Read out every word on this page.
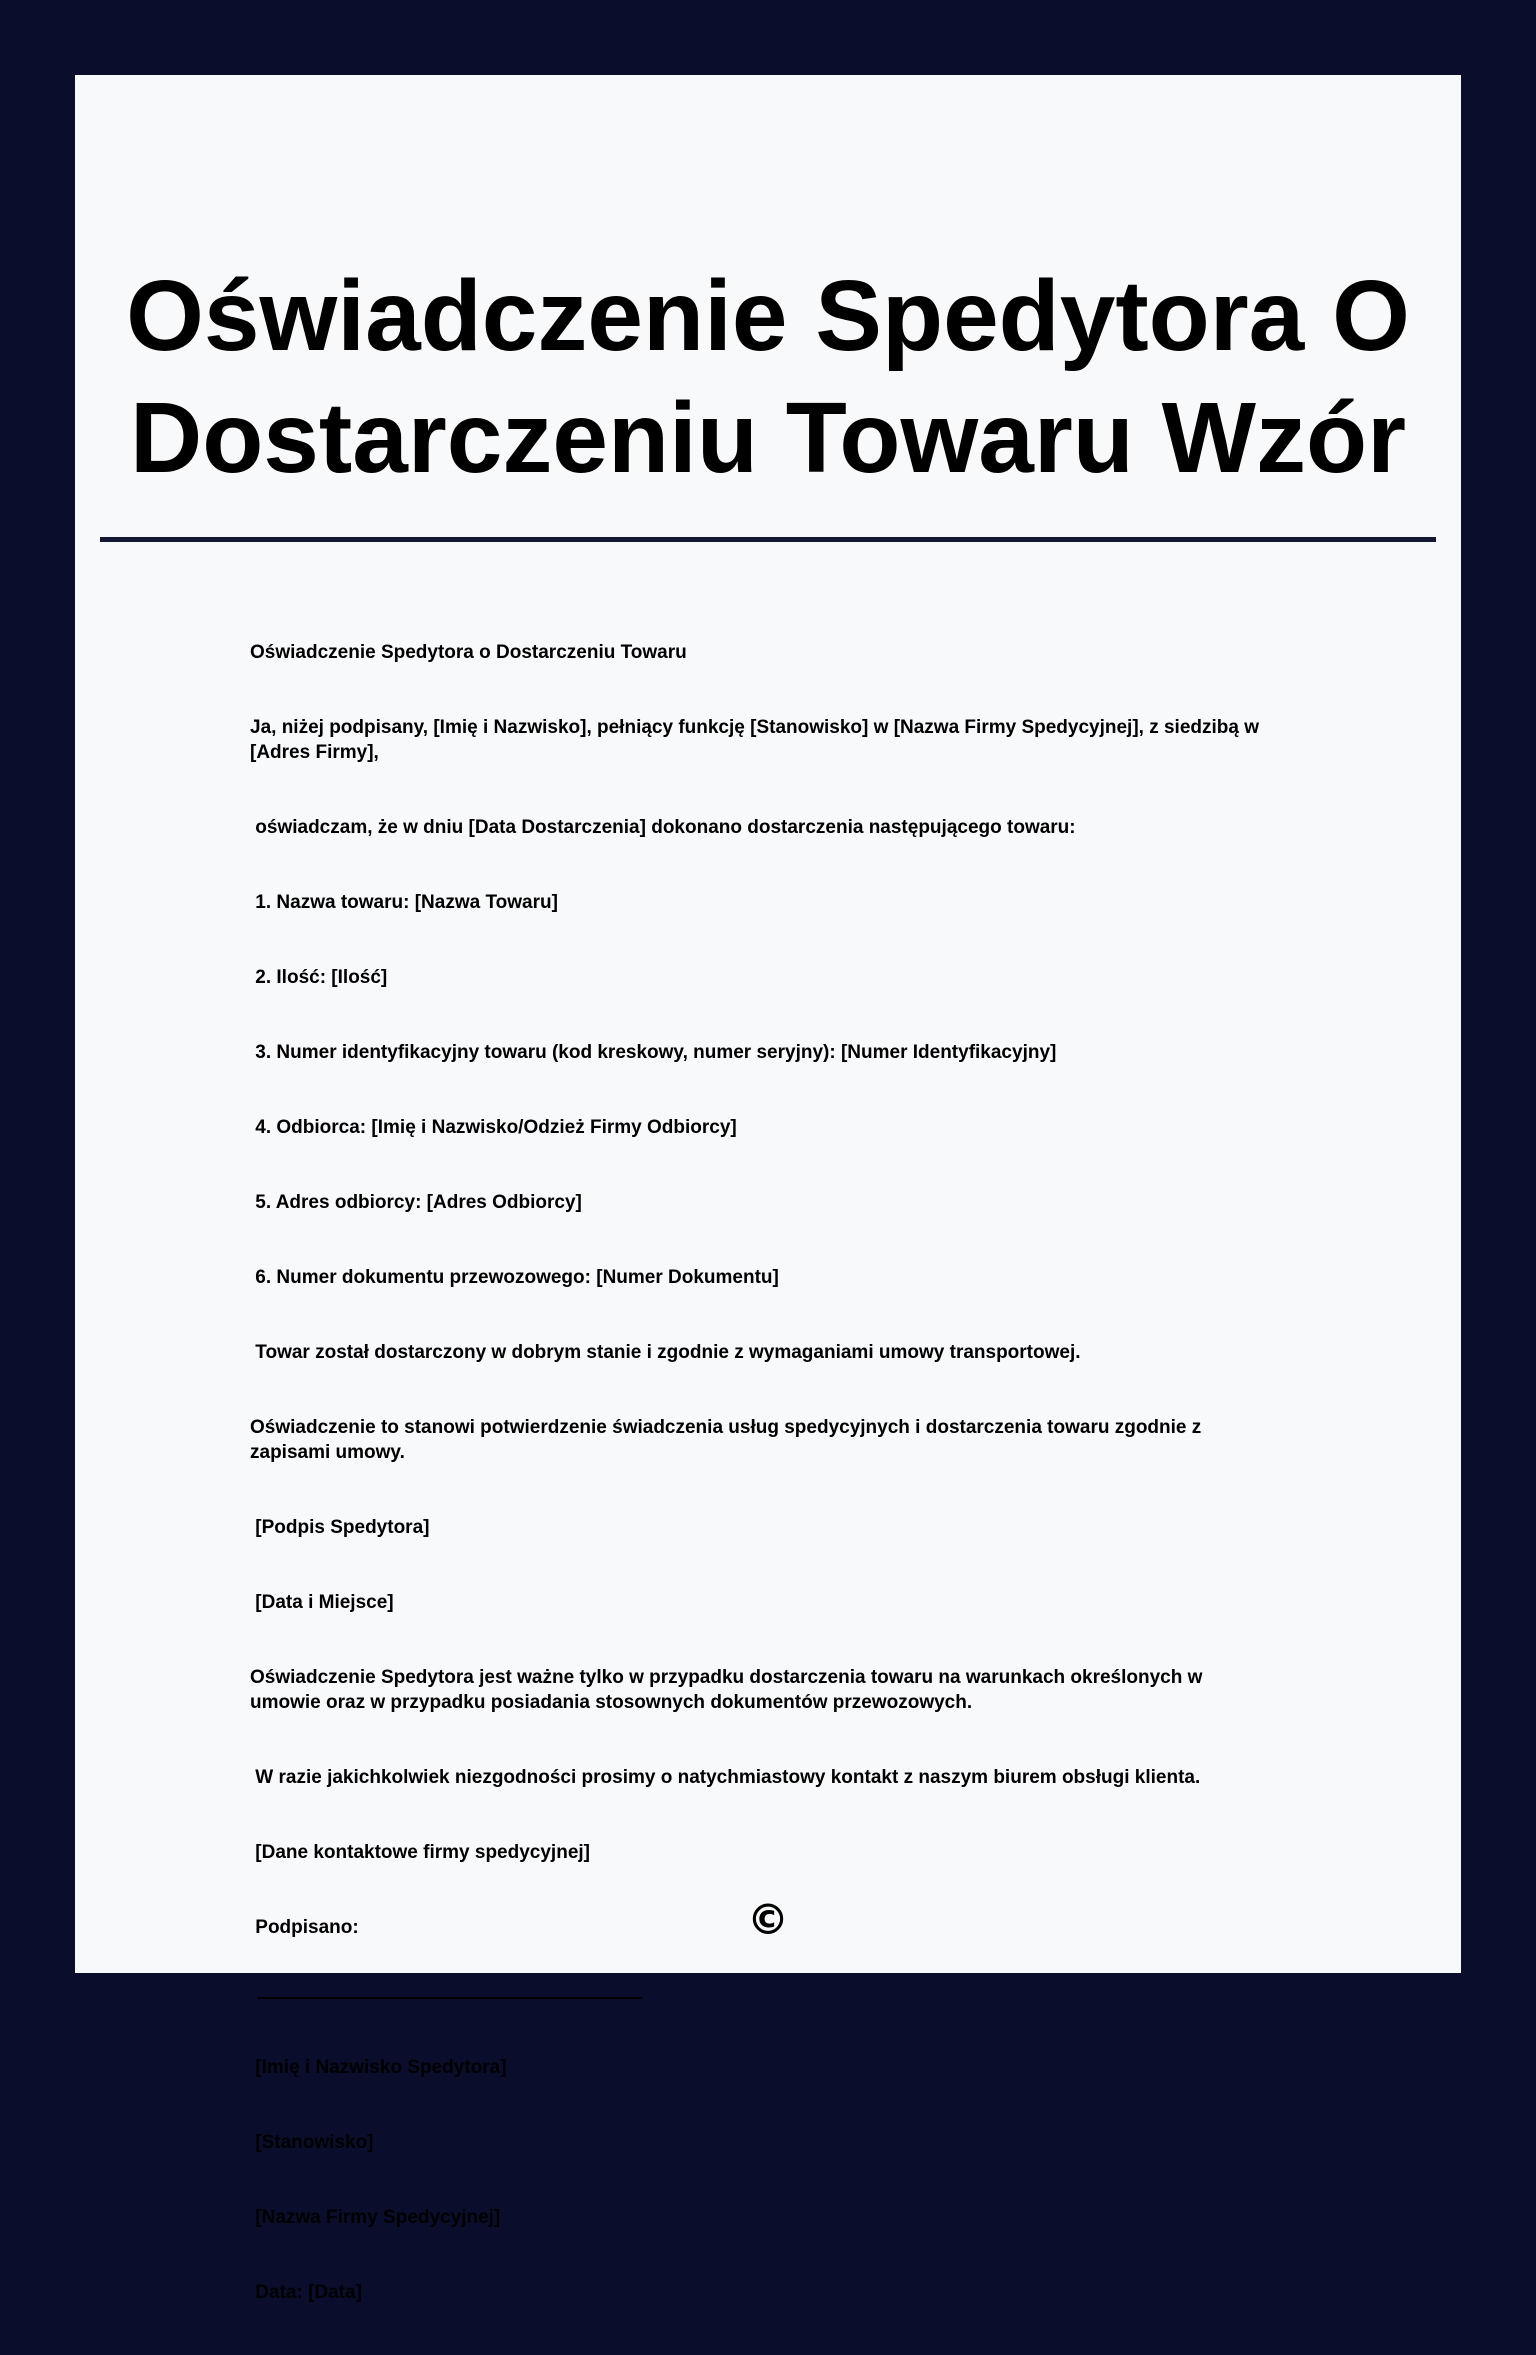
Oświadczenie Spedytora O Dostarczeniu Towaru Wzór

Oświadczenie Spedytora o Dostarczeniu Towaru

Ja, niżej podpisany, [Imię i Nazwisko], pełniący funkcję [Stanowisko] w [Nazwa Firmy Spedycyjnej], z siedzibą w [Adres Firmy],

oświadczam, że w dniu [Data Dostarczenia] dokonano dostarczenia następującego towaru:

1. Nazwa towaru: [Nazwa Towaru]

2. Ilość: [Ilość]

3. Numer identyfikacyjny towaru (kod kreskowy, numer seryjny): [Numer Identyfikacyjny]

4. Odbiorca: [Imię i Nazwisko/Odzież Firmy Odbiorcy]

5. Adres odbiorcy: [Adres Odbiorcy]

6. Numer dokumentu przewozowego: [Numer Dokumentu]

Towar został dostarczony w dobrym stanie i zgodnie z wymaganiami umowy transportowej.

Oświadczenie to stanowi potwierdzenie świadczenia usług spedycyjnych i dostarczenia towaru zgodnie z zapisami umowy.

[Podpis Spedytora]

[Data i Miejsce]

Oświadczenie Spedytora jest ważne tylko w przypadku dostarczenia towaru na warunkach określonych w umowie oraz w przypadku posiadania stosownych dokumentów przewozowych.

W razie jakichkolwiek niezgodności prosimy o natychmiastowy kontakt z naszym biurem obsługi klienta.

[Dane kontaktowe firmy spedycyjnej]

Podpisano:

[Imię i Nazwisko Spedytora]

[Stanowisko]

[Nazwa Firmy Spedycyjnej]

Data: [Data]

©
